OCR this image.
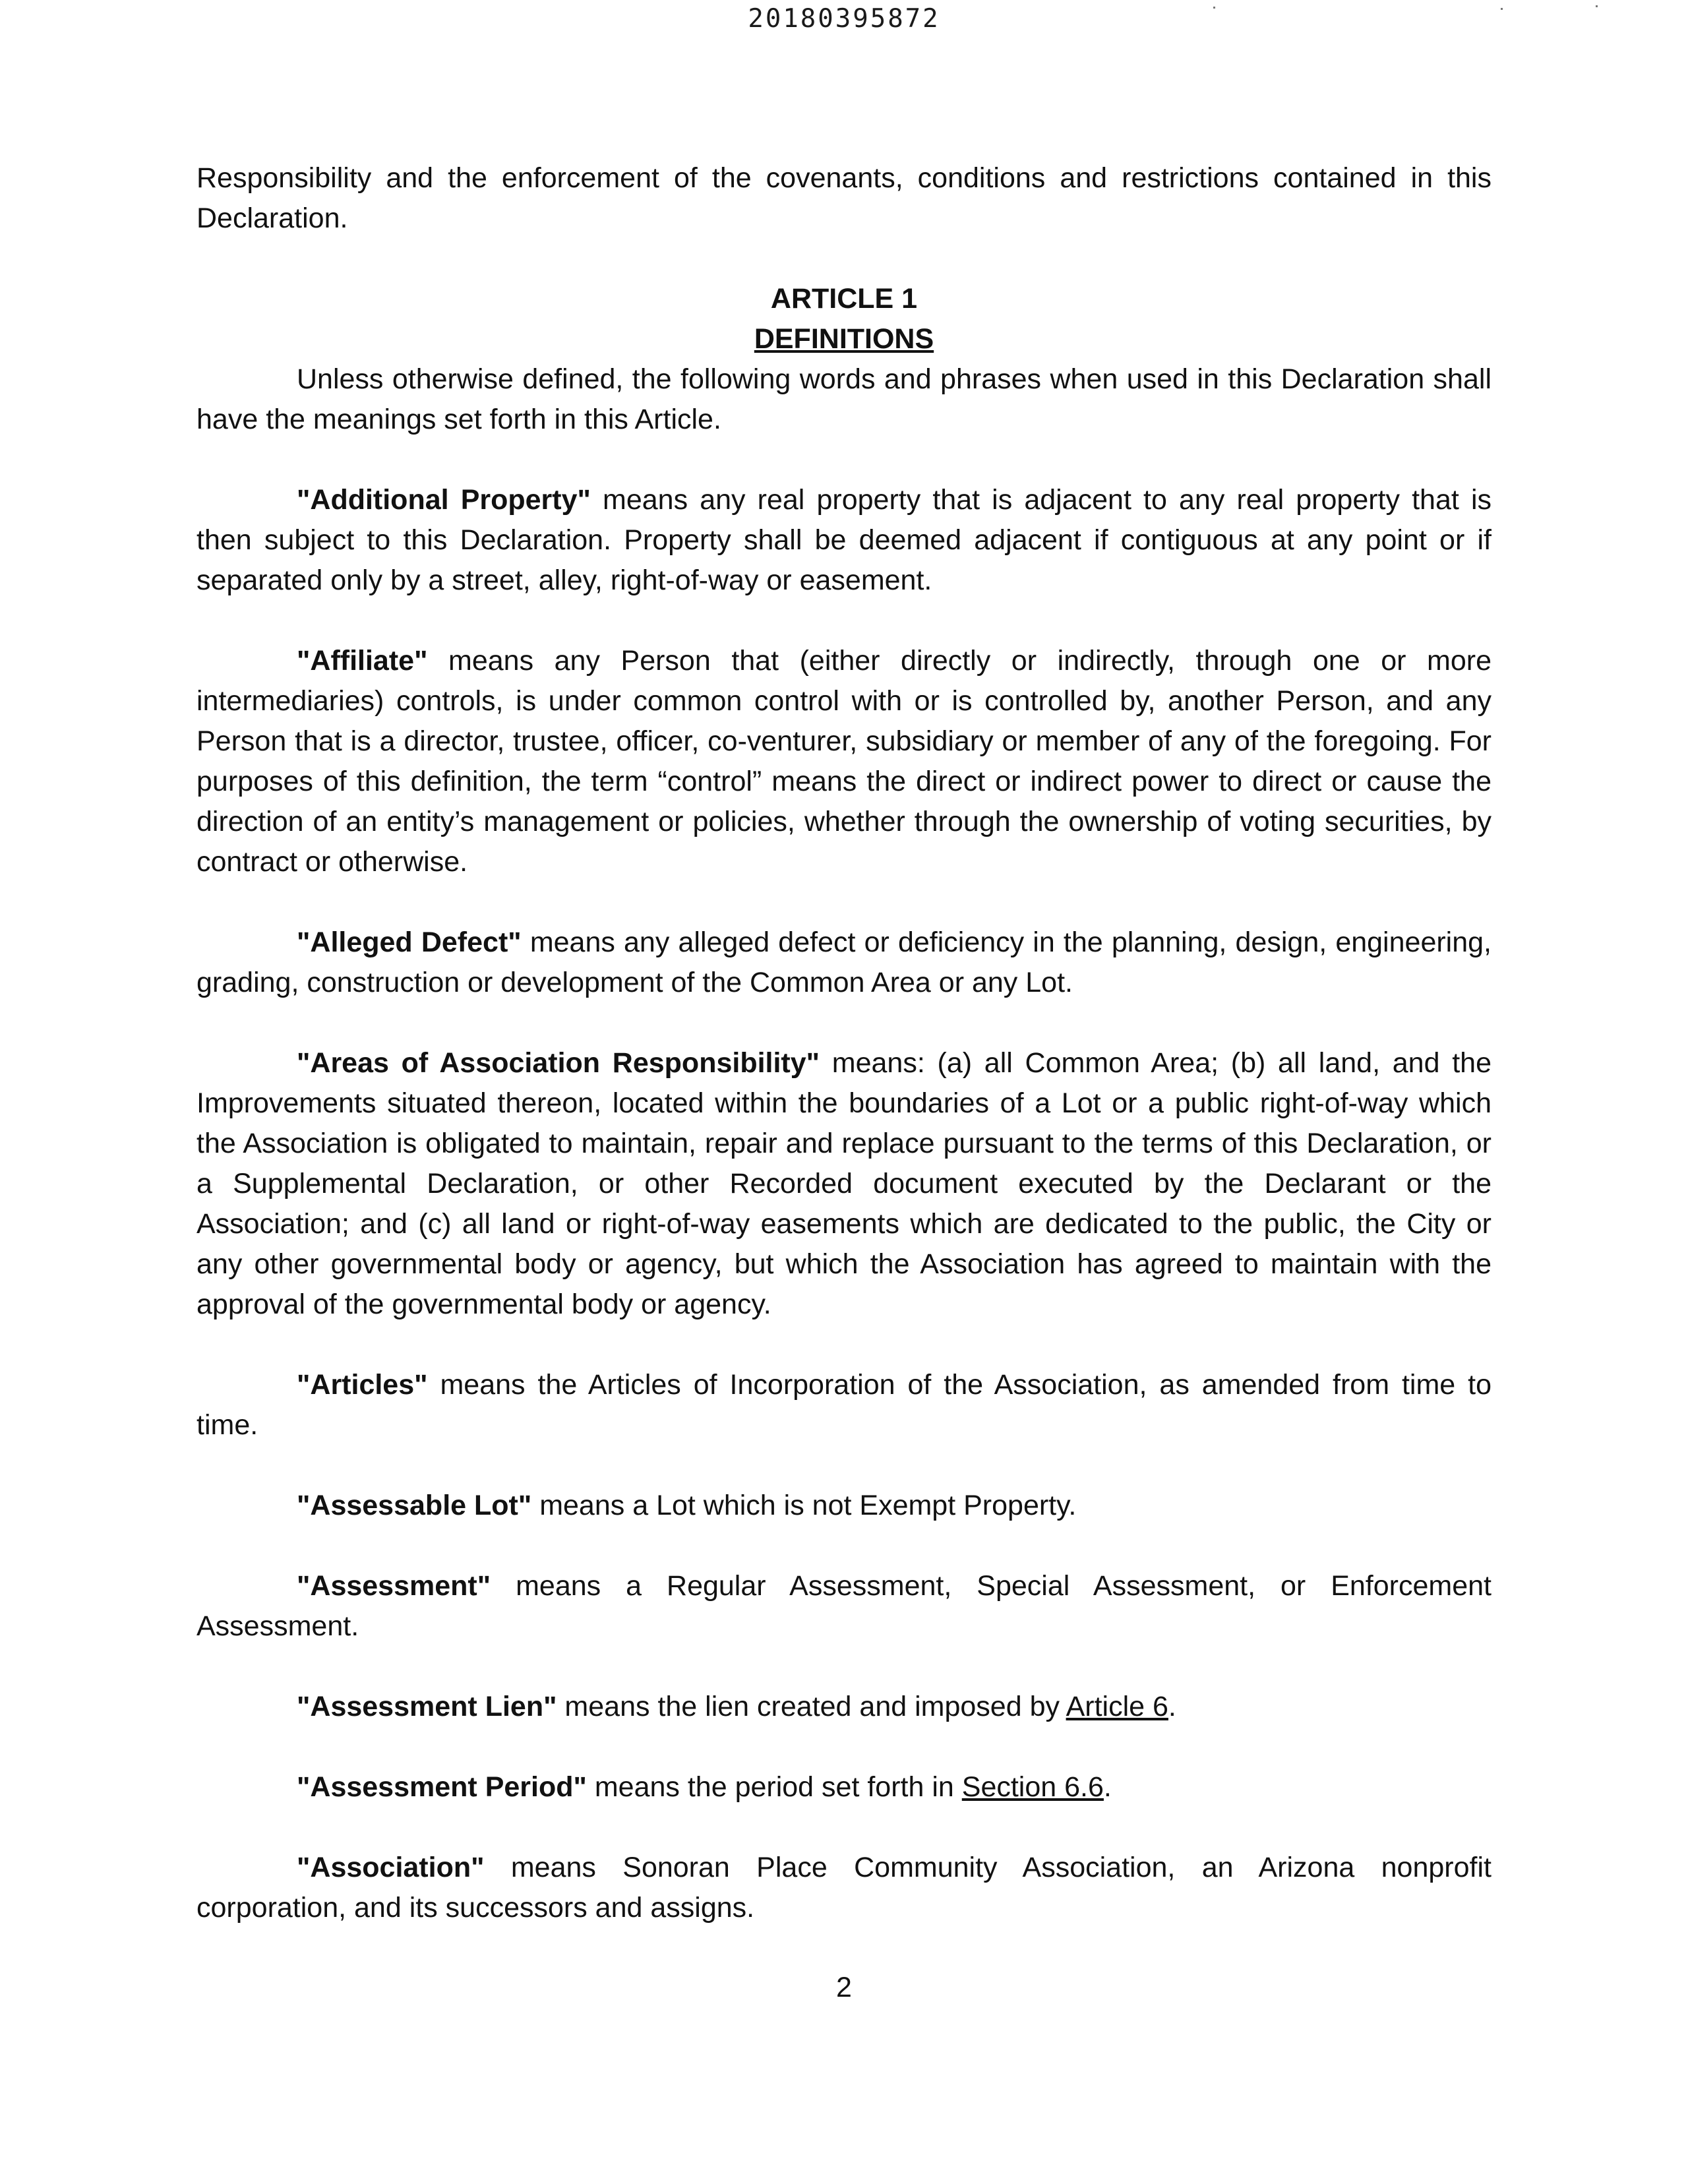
20180395872

Responsibility and the enforcement of the covenants, conditions and restrictions contained in this Declaration.

ARTICLE 1

DEFINITIONS

Unless otherwise defined, the following words and phrases when used in this Declaration shall have the meanings set forth in this Article.

"Additional Property" means any real property that is adjacent to any real property that is then subject to this Declaration. Property shall be deemed adjacent if contiguous at any point or if separated only by a street, alley, right-of-way or easement.

"Affiliate" means any Person that (either directly or indirectly, through one or more intermediaries) controls, is under common control with or is controlled by, another Person, and any Person that is a director, trustee, officer, co-venturer, subsidiary or member of any of the foregoing. For purposes of this definition, the term “control” means the direct or indirect power to direct or cause the direction of an entity’s management or policies, whether through the ownership of voting securities, by contract or otherwise.

"Alleged Defect" means any alleged defect or deficiency in the planning, design, engineering, grading, construction or development of the Common Area or any Lot.

"Areas of Association Responsibility" means: (a) all Common Area; (b) all land, and the Improvements situated thereon, located within the boundaries of a Lot or a public right-of-way which the Association is obligated to maintain, repair and replace pursuant to the terms of this Declaration, or a Supplemental Declaration, or other Recorded document executed by the Declarant or the Association; and (c) all land or right-of-way easements which are dedicated to the public, the City or any other governmental body or agency, but which the Association has agreed to maintain with the approval of the governmental body or agency.

"Articles" means the Articles of Incorporation of the Association, as amended from time to time.

"Assessable Lot" means a Lot which is not Exempt Property.

"Assessment" means a Regular Assessment, Special Assessment, or Enforcement Assessment.

"Assessment Lien" means the lien created and imposed by Article 6.

"Assessment Period" means the period set forth in Section 6.6.

"Association" means Sonoran Place Community Association, an Arizona nonprofit corporation, and its successors and assigns.

2
